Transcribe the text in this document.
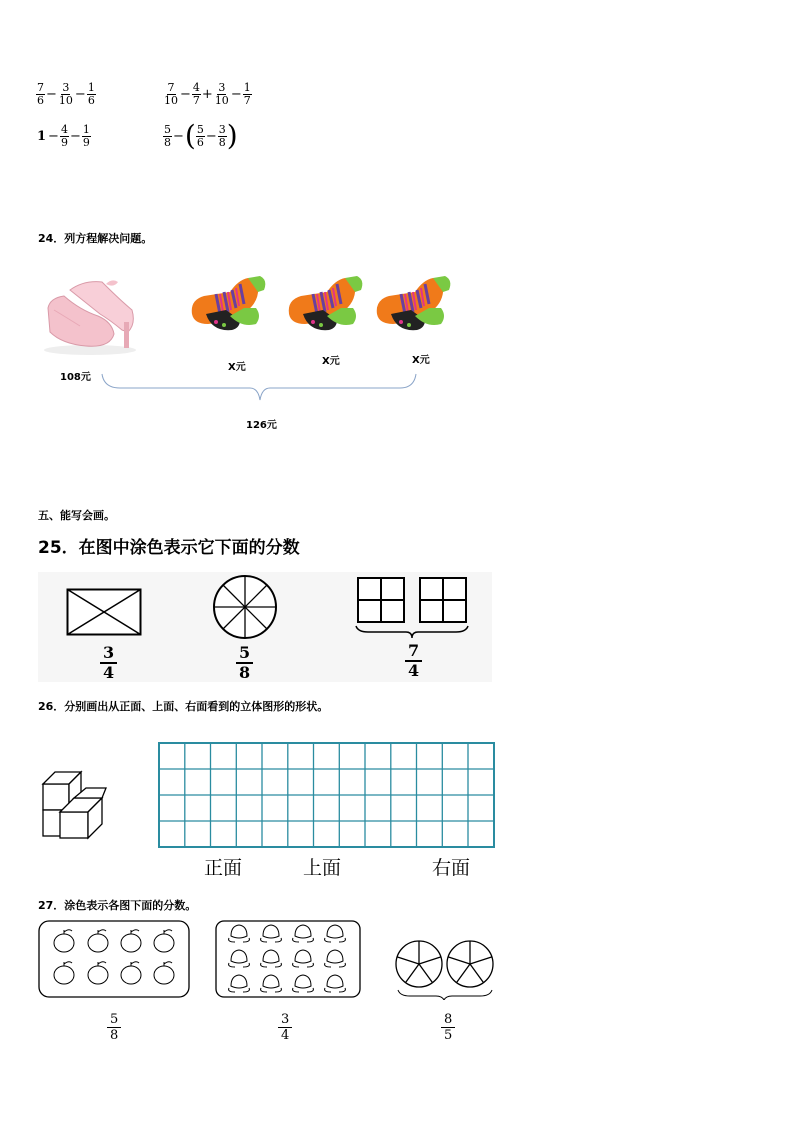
$\frac{7}{6} - \frac{3}{10} - \frac{1}{6}$	$\frac{7}{10} - \frac{4}{7} + \frac{3}{10} - \frac{1}{7}$
$1 - \frac{4}{9} - \frac{1}{9}$	$\frac{5}{8}$ − ( $\frac{5}{6} - \frac{3}{8}$ )
24．列方程解决问题。
108元
X元
X元	X元
126元
五、能写会画。
25．在图中涂色表示它下面的分数
3
4
5
8
7
4
26．分别画出从正面、上面、右面看到的立体图形的形状。
正面	上面	右面
27．涂色表示各图下面的分数。
5
8
3
4
8
5
